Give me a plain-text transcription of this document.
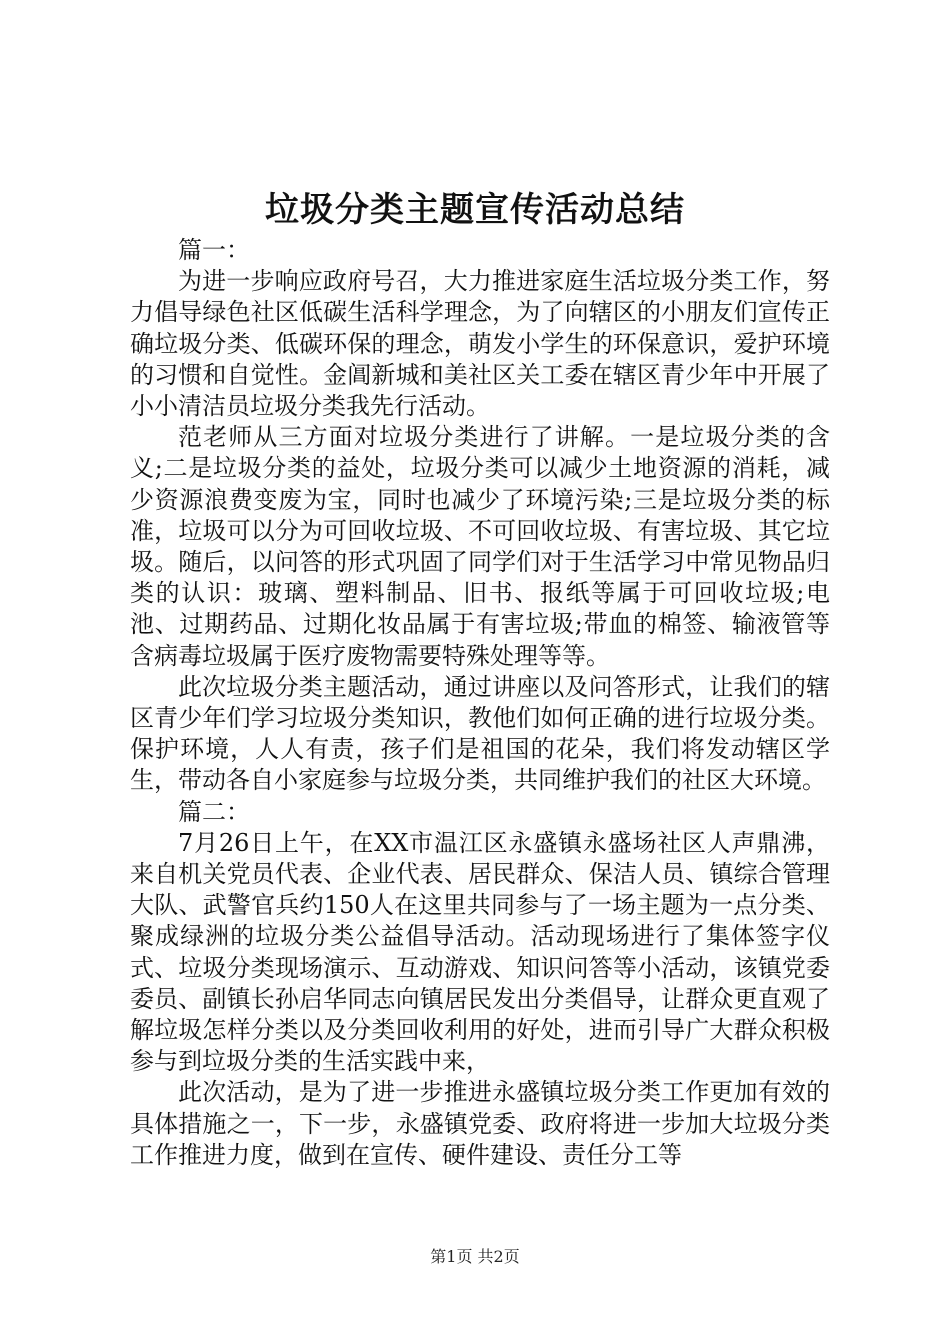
垃圾分类主题宣传活动总结

篇一：

为进一步响应政府号召，大力推进家庭生活垃圾分类工作，努力倡导绿色社区低碳生活科学理念，为了向辖区的小朋友们宣传正确垃圾分类、低碳环保的理念，萌发小学生的环保意识，爱护环境的习惯和自觉性。金阊新城和美社区关工委在辖区青少年中开展了小小清洁员垃圾分类我先行活动。

范老师从三方面对垃圾分类进行了讲解。一是垃圾分类的含义;二是垃圾分类的益处，垃圾分类可以减少土地资源的消耗，减少资源浪费变废为宝，同时也减少了环境污染;三是垃圾分类的标准，垃圾可以分为可回收垃圾、不可回收垃圾、有害垃圾、其它垃圾。随后，以问答的形式巩固了同学们对于生活学习中常见物品归类的认识：玻璃、塑料制品、旧书、报纸等属于可回收垃圾;电池、过期药品、过期化妆品属于有害垃圾;带血的棉签、输液管等含病毒垃圾属于医疗废物需要特殊处理等等。

此次垃圾分类主题活动，通过讲座以及问答形式，让我们的辖区青少年们学习垃圾分类知识，教他们如何正确的进行垃圾分类。保护环境，人人有责，孩子们是祖国的花朵，我们将发动辖区学生，带动各自小家庭参与垃圾分类，共同维护我们的社区大环境。

篇二：

7月26日上午，在XX市温江区永盛镇永盛场社区人声鼎沸，来自机关党员代表、企业代表、居民群众、保洁人员、镇综合管理大队、武警官兵约150人在这里共同参与了一场主题为一点分类、聚成绿洲的垃圾分类公益倡导活动。活动现场进行了集体签字仪式、垃圾分类现场演示、互动游戏、知识问答等小活动，该镇党委委员、副镇长孙启华同志向镇居民发出分类倡导，让群众更直观了解垃圾怎样分类以及分类回收利用的好处，进而引导广大群众积极参与到垃圾分类的生活实践中来，

此次活动，是为了进一步推进永盛镇垃圾分类工作更加有效的具体措施之一，下一步，永盛镇党委、政府将进一步加大垃圾分类工作推进力度，做到在宣传、硬件建设、责任分工等

第1页 共2页
